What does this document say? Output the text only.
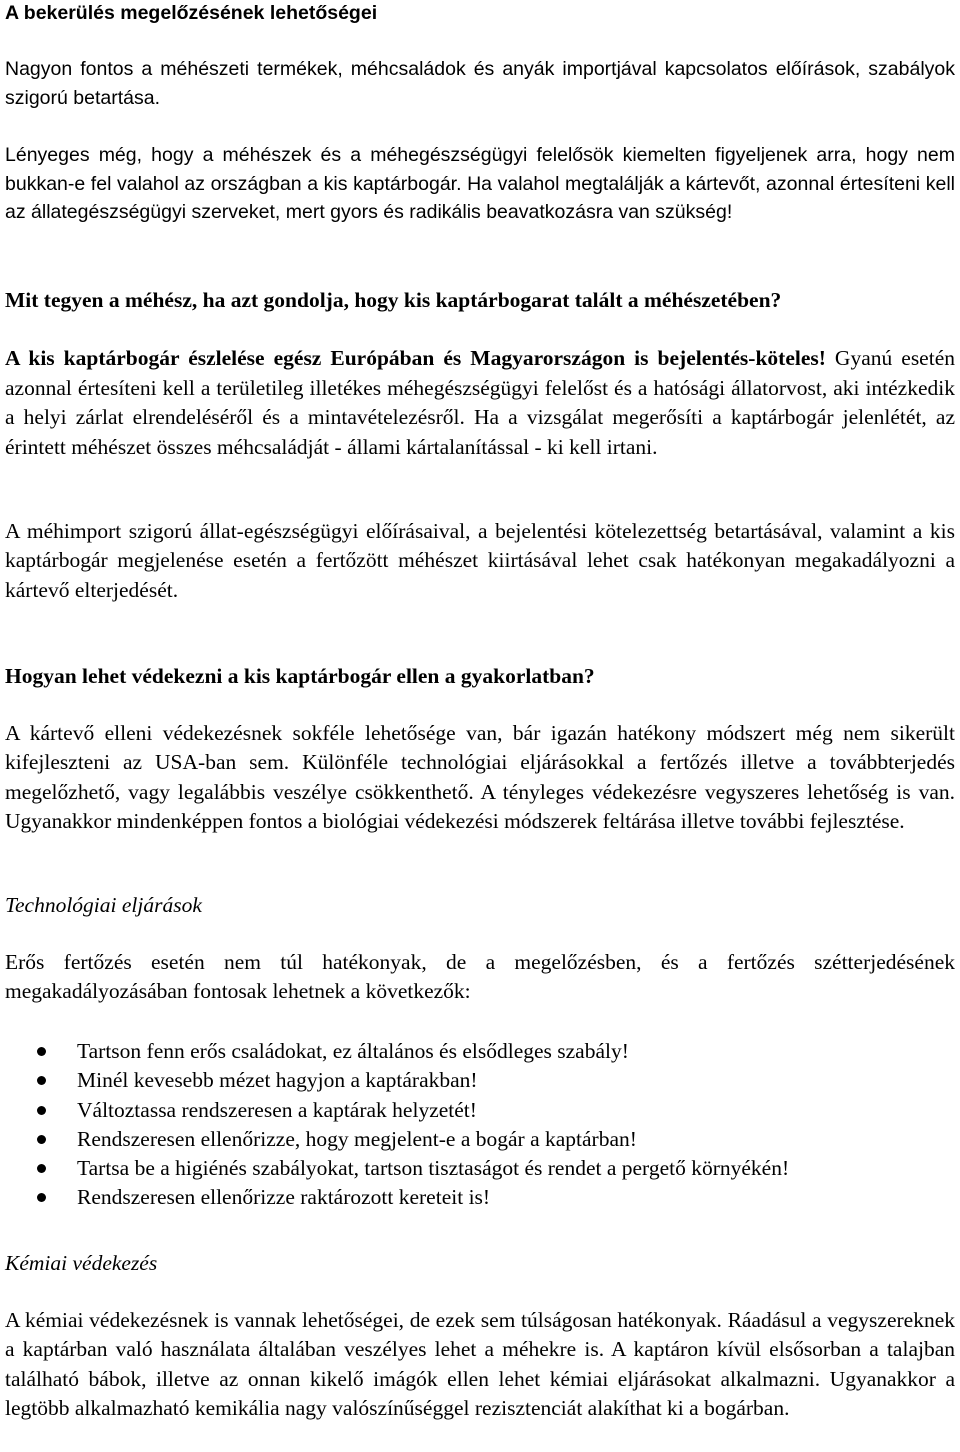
A bekerülés megelőzésének lehetőségei

Nagyon fontos a méhészeti termékek, méhcsaládok és anyák importjával kapcsolatos előírások, szabályok szigorú betartása.

Lényeges még, hogy a méhészek és a méhegészségügyi felelősök kiemelten figyeljenek arra, hogy nem bukkan-e fel valahol az országban a kis kaptárbogár. Ha valahol megtalálják a kártevőt, azonnal értesíteni kell az állategészségügyi szerveket, mert gyors és radikális beavatkozásra van szükség!

Mit tegyen a méhész, ha azt gondolja, hogy kis kaptárbogarat talált a méhészetében?

A kis kaptárbogár észlelése egész Európában és Magyarországon is bejelentés-köteles! Gyanú esetén azonnal értesíteni kell a területileg illetékes méhegészségügyi felelőst és a hatósági állatorvost, aki intézkedik a helyi zárlat elrendeléséről és a mintavételezésről. Ha a vizsgálat megerősíti a kaptárbogár jelenlétét, az érintett méhészet összes méhcsaládját - állami kártalanítással - ki kell irtani.

A méhimport szigorú állat-egészségügyi előírásaival, a bejelentési kötelezettség betartásával, valamint a kis kaptárbogár megjelenése esetén a fertőzött méhészet kiirtásával lehet csak hatékonyan megakadályozni a kártevő elterjedését.

Hogyan lehet védekezni a kis kaptárbogár ellen a gyakorlatban?

A kártevő elleni védekezésnek sokféle lehetősége van, bár igazán hatékony módszert még nem sikerült kifejleszteni az USA-ban sem. Különféle technológiai eljárásokkal a fertőzés illetve a továbbterjedés megelőzhető, vagy legalábbis veszélye csökkenthető. A tényleges védekezésre vegyszeres lehetőség is van. Ugyanakkor mindenképpen fontos a biológiai védekezési módszerek feltárása illetve további fejlesztése.

Technológiai eljárások

Erős fertőzés esetén nem túl hatékonyak, de a megelőzésben, és a fertőzés szétterjedésének megakadályozásában fontosak lehetnek a következők:

Tartson fenn erős családokat, ez általános és elsődleges szabály!
Minél kevesebb mézet hagyjon a kaptárakban!
Változtassa rendszeresen a kaptárak helyzetét!
Rendszeresen ellenőrizze, hogy megjelent-e a bogár a kaptárban!
Tartsa be a higiénés szabályokat, tartson tisztaságot és rendet a pergető környékén!
Rendszeresen ellenőrizze raktározott kereteit is!

Kémiai védekezés

A kémiai védekezésnek is vannak lehetőségei, de ezek sem túlságosan hatékonyak. Ráadásul a vegyszereknek a kaptárban való használata általában veszélyes lehet a méhekre is. A kaptáron kívül elsősorban a talajban található bábok, illetve az onnan kikelő imágók ellen lehet kémiai eljárásokat alkalmazni. Ugyanakkor a legtöbb alkalmazható kemikália nagy valószínűséggel rezisztenciát alakíthat ki a bogárban.
